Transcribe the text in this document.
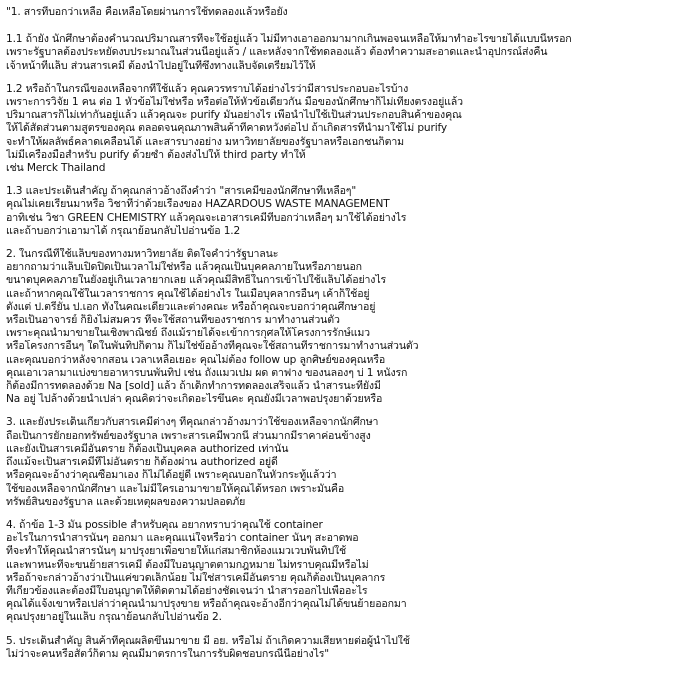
"1. สารที่บอกว่าเหลือ คือเหลือโดยผ่านการใช้ทดลองแล้วหรือยัง
1.1 ถ้ายัง นักศึกษาต้องคำนวณปริมาณสารที่จะใช้อยู่แล้ว ไม่มีทางเอาออกมามากเกินพอจนเหลือให้มาทำอะไรขายได้แบบนี้หรอก
เพราะรัฐบาลต้องประหยัดงบประมาณในส่วนนี้อยู่แล้ว / และหลังจากใช้ทดลองแล้ว ต้องทำความสะอาดและนำอุปกรณ์ส่งคืน
เจ้าหน้าที่แล็บ ส่วนสารเคมี ต้องนำไปอยู่ในที่ซึ่งทางแล็บจัดเตรียมไว้ให้
1.2 หรือถ้าในกรณีของเหลือจากที่ใช้แล้ว คุณควรทราบได้อย่างไรว่ามีสารประกอบอะไรบ้าง
เพราะการวิจัย 1 คน ต่อ 1 หัวข้อไม่ใช่หรือ หรือต่อให้หัวข้อเดียวกัน มือของนักศึกษาก็ไม่เที่ยงตรงอยู่แล้ว
ปริมาณสารก็ไม่เท่ากันอยู่แล้ว แล้วคุณจะ purify มันอย่างไร เพื่อนำไปใช้เป็นส่วนประกอบสินค้าของคุณ
ให้ได้สัดส่วนตามสูตรของคุณ ตลอดจนคุณภาพสินค้าที่คาดหวังต่อไป ถ้าเกิดสารที่นำมาใช้ไม่ purify
จะทำให้ผลลัพธ์คลาดเคลื่อนได้ และสารบางอย่าง มหาวิทยาลัยของรัฐบาลหรือเอกชนก็ตาม
ไม่มีเครื่องมือสำหรับ purify ด้วยซ้ำ ต้องส่งไปให้ third party ทำให้
เช่น Merck Thailand
1.3 และประเด็นสำคัญ ถ้าคุณกล่าวอ้างถึงคำว่า "สารเคมีของนักศึกษาที่เหลือๆ"
คุณไม่เคยเรียนมาหรือ วิชาที่ว่าด้วยเรื่องของ HAZARDOUS WASTE MANAGEMENT
อาทิเช่น วิชา GREEN CHEMISTRY แล้วคุณจะเอาสารเคมีที่บอกว่าเหลือๆ มาใช้ได้อย่างไร
และถ้าบอกว่าเอามาได้ กรุณาย้อนกลับไปอ่านข้อ 1.2
2. ในกรณีที่ใช้แล็บของทางมหาวิทยาลัย ติดใจคำว่ารัฐบาลนะ
อยากถามว่าแล็บเปิดปิดเป็นเวลาไม่ใช่หรือ แล้วคุณเป็นบุคคลภายในหรือภายนอก
ขนาดบุคคลภายในยังอยู่เกินเวลายากเลย แล้วคุณมีสิทธิ์ในการเข้าไปใช้แล็บได้อย่างไร
และถ้าหากคุณใช้ในเวลาราชการ คุณใช้ได้อย่างไร ในเมื่อบุคลากรอื่นๆ เค้าก็ใช้อยู่
ตั้งแต่ ป.ตรียัน ป.เอก ทั้งในคณะเดียวและต่างคณะ หรือถ้าคุณจะบอกว่าคุณศึกษาอยู่
หรือเป็นอาจารย์ ก็ยิ่งไม่สมควร ที่จะใช้สถานที่ของราชการ มาทำงานส่วนตัว
เพราะคุณนำมาขายในเชิงพาณิชย์ ถึงแม้รายได้จะเข้าการกุศลให้โครงการรักษ์แมว
หรือโครงการอื่นๆ ใดในพันทิปก็ตาม ก็ไม่ใช่ข้ออ้างที่คุณจะใช้สถานที่ราชการมาทำงานส่วนตัว
และคุณบอกว่าหลังจากสอน เวลาเหลือเยอะ คุณไม่ต้อง follow up ลูกศิษย์ของคุณหรือ
คุณเอาเวลามาแบ่งขายอาหารบนพันทิป เช่น ถังแมวเปม ผด ตาฟาง ของนลองๆ บ่ 1 หนังรก
ก็ต้องมีการทดลองด้วย Na [sold] แล้ว ถ้าเด็กทำการทดลองเสร็จแล้ว นำสารนะที่ยังมี
Na อยู่ ไปล้างด้วยน้ำเปล่า คุณคิดว่าจะเกิดอะไรขึ้นคะ คุณยังมีเวลาพอปรุงยาด้วยหรือ
3. และยังประเด็นเกี่ยวกับสารเคมีต่างๆ ที่คุณกล่าวอ้างมาว่าใช้ของเหลือจากนักศึกษา
ถือเป็นการยักยอกทรัพย์ของรัฐบาล เพราะสารเคมีพวกนี้ ส่วนมากมีราคาค่อนข้างสูง
และยังเป็นสารเคมีอันตราย ก็ต้องเป็นบุคคล authorized เท่านั้น
ถึงแม้จะเป็นสารเคมีที่ไม่อันตราย ก็ต้องผ่าน authorized อยู่ดี
หรือคุณจะอ้างว่าคุณซื้อมาเอง ก็ไม่ได้อยู่ดี เพราะคุณบอกในหัวกระทู้แล้วว่า
ใช้ของเหลือจากนักศึกษา และไม่มีใครเอามาขายให้คุณได้หรอก เพราะมันคือ
ทรัพย์สินของรัฐบาล และด้วยเหตุผลของความปลอดภัย
4. ถ้าข้อ 1-3 มัน possible สำหรับคุณ อยากทราบว่าคุณใช้ container
อะไรในการนำสารนั้นๆ ออกมา และคุณแน่ใจหรือว่า container นั้นๆ สะอาดพอ
ที่จะทำให้คุณนำสารนั้นๆ มาปรุงยาเพื่อขายให้แก่สมาชิกห้องแมวเวบพันทิปใช้
และพาหนะที่จะขนย้ายสารเคมี ต้องมีใบอนุญาตตามกฎหมาย ไม่ทราบคุณมีหรือไม่
หรือถ้าจะกล่าวอ้างว่าเป็นแค่ขวดเล็กน้อย ไม่ใช่สารเคมีอันตราย คุณก็ต้องเป็นบุคลากร
ที่เกี่ยวข้องและต้องมีใบอนุญาตให้ติดตามได้อย่างชัดเจนว่า นำสารออกไปเพื่ออะไร
คุณได้แจ้งเขาหรือเปล่าว่าคุณนำมาปรุงขาย หรือถ้าคุณจะอ้างอีกว่าคุณไม่ได้ขนย้ายออกมา
คุณปรุงยาอยู่ในแล็บ กรุณาย้อนกลับไปอ่านข้อ 2.
5. ประเด็นสำคัญ สินค้าที่คุณผลิตขึ้นมาขาย มี อย. หรือไม่ ถ้าเกิดความเสียหายต่อผู้นำไปใช้
ไม่ว่าจะคนหรือสัตว์ก็ตาม คุณมีมาตรการในการรับผิดชอบกรณีนี้อย่างไร"
